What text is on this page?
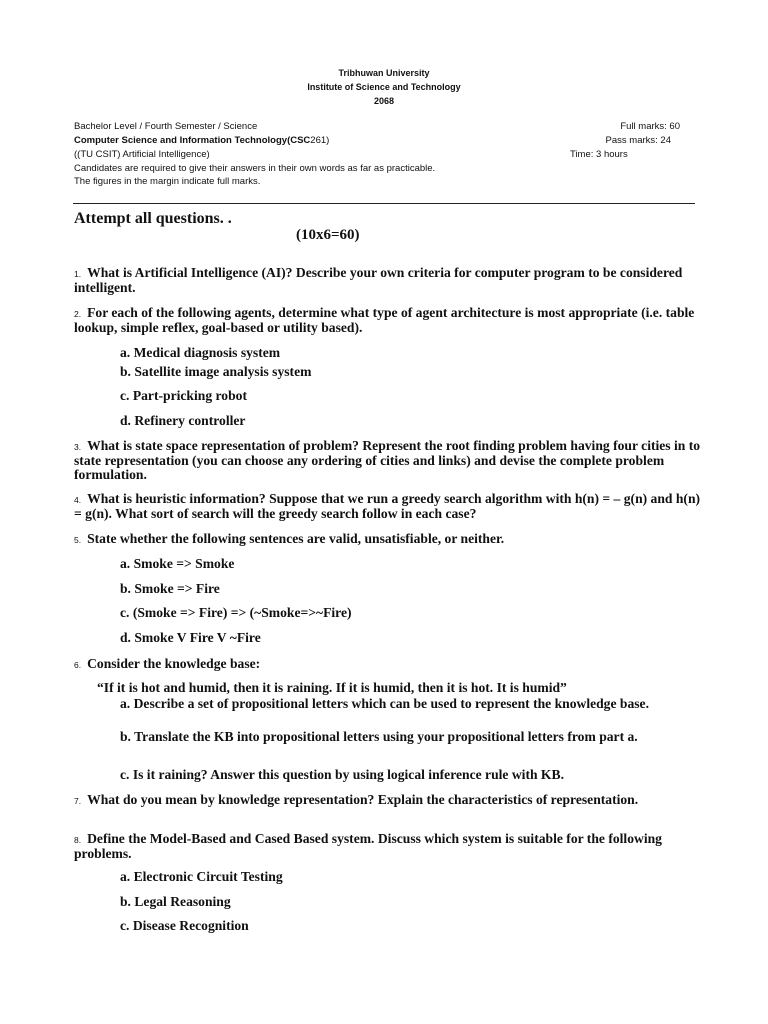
Tribhuwan University
Institute of Science and Technology
2068
Bachelor Level / Fourth Semester / Science
Computer Science and Information Technology(CSC261)
((TU CSIT) Artificial Intelligence)
Candidates are required to give their answers in their own words as far as practicable.
The figures in the margin indicate full marks.
Full marks: 60
Pass marks: 24
Time: 3 hours
Attempt all questions. .
(10x6=60)
1. What is Artificial Intelligence (AI)? Describe your own criteria for computer program to be considered intelligent.
2. For each of the following agents, determine what type of agent architecture is most appropriate (i.e. table lookup, simple reflex, goal-based or utility based).
a. Medical diagnosis system
b. Satellite image analysis system
c. Part-pricking robot
d. Refinery controller
3. What is state space representation of problem? Represent the root finding problem having four cities in to state representation (you can choose any ordering of cities and links) and devise the complete problem formulation.
4. What is heuristic information? Suppose that we run a greedy search algorithm with h(n) = – g(n) and h(n) = g(n). What sort of search will the greedy search follow in each case?
5. State whether the following sentences are valid, unsatisfiable, or neither.
a. Smoke => Smoke
b. Smoke => Fire
c. (Smoke => Fire) => (~Smoke=>~Fire)
d. Smoke V Fire V ~Fire
6. Consider the knowledge base:
“If it is hot and humid, then it is raining. If it is humid, then it is hot. It is humid”
a. Describe a set of propositional letters which can be used to represent the knowledge base.
b. Translate the KB into propositional letters using your propositional letters from part a.
c. Is it raining? Answer this question by using logical inference rule with KB.
7. What do you mean by knowledge representation? Explain the characteristics of representation.
8. Define the Model-Based and Cased Based system. Discuss which system is suitable for the following problems.
a. Electronic Circuit Testing
b. Legal Reasoning
c. Disease Recognition
